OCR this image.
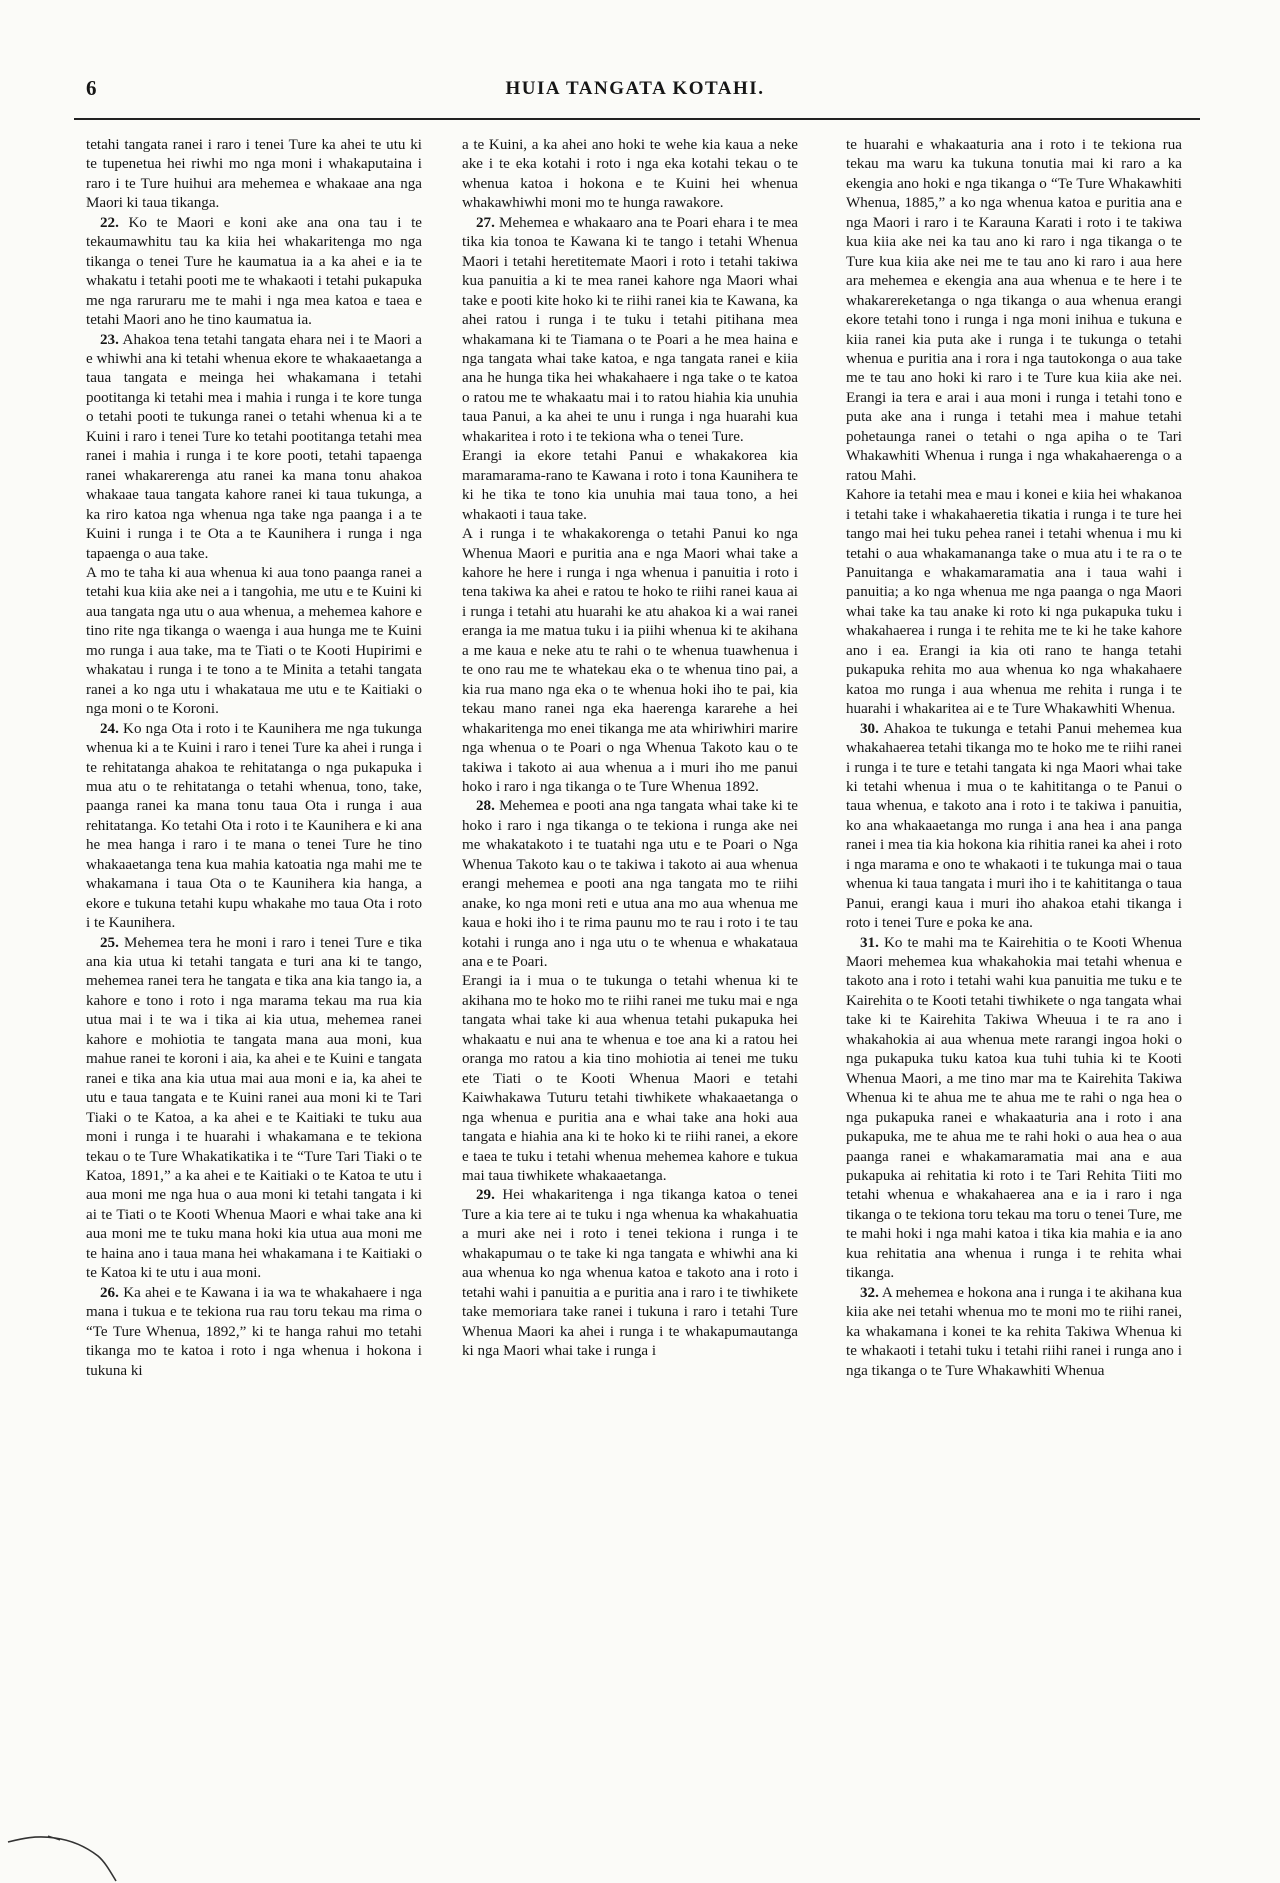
6	HUIA TANGATA KOTAHI.

tetahi tangata ranei i raro i tenei Ture ka ahei te utu ki te tupenetua hei riwhi mo nga moni i whakaputaina i raro i te Ture huihui ara mehemea e whakaae ana nga Maori ki taua tikanga.

22. Ko te Maori e koni ake ana ona tau i te tekaumawhitu tau ka kiia hei whakaritenga mo nga tikanga o tenei Ture he kaumatua ia a ka ahei e ia te whakatu i tetahi pooti me te whakaoti i tetahi pukapuka me nga raruraru me te mahi i nga mea katoa e taea e tetahi Maori ano he tino kaumatua ia.

23. Ahakoa tena tetahi tangata ehara nei i te Maori a e whiwhi ana ki tetahi whenua ekore te whakaaetanga a taua tangata e meinga hei whakamana i tetahi pootitanga ki tetahi mea i mahia i runga i te kore tunga o tetahi pooti te tukunga ranei o tetahi whenua ki a te Kuini i raro i tenei Ture ko tetahi pootitanga tetahi mea ranei i mahia i runga i te kore pooti, tetahi tapaenga ranei whakarerenga atu ranei ka mana tonu ahakoa whakaae taua tangata kahore ranei ki taua tukunga, a ka riro katoa nga whenua nga take nga paanga i a te Kuini i runga i te Ota a te Kaunihera i runga i nga tapaenga o aua take.

A mo te taha ki aua whenua ki aua tono paanga ranei a tetahi kua kiia ake nei a i tangohia, me utu e te Kuini ki aua tangata nga utu o aua whenua, a mehemea kahore e tino rite nga tikanga o waenga i aua hunga me te Kuini mo runga i aua take, ma te Tiati o te Kooti Hupirimi e whakatau i runga i te tono a te Minita a tetahi tangata ranei a ko nga utu i whakataua me utu e te Kaitiaki o nga moni o te Koroni.

24. Ko nga Ota i roto i te Kaunihera me nga tukunga whenua ki a te Kuini i raro i tenei Ture ka ahei i runga i te rehitatanga ahakoa te rehitatanga o nga pukapuka i mua atu o te rehitatanga o tetahi whenua, tono, take, paanga ranei ka mana tonu taua Ota i runga i aua rehitatanga. Ko tetahi Ota i roto i te Kaunihera e ki ana he mea hanga i raro i te mana o tenei Ture he tino whakaaetanga tena kua mahia katoatia nga mahi me te whakamana i taua Ota o te Kaunihera kia hanga, a ekore e tukuna tetahi kupu whakahe mo taua Ota i roto i te Kaunihera.

25. Mehemea tera he moni i raro i tenei Ture e tika ana kia utua ki tetahi tangata e turi ana ki te tango, mehemea ranei tera he tangata e tika ana kia tango ia, a kahore e tono i roto i nga marama tekau ma rua kia utua mai i te wa i tika ai kia utua, mehemea ranei kahore e mohiotia te tangata mana aua moni, kua mahue ranei te koroni i aia, ka ahei e te Kuini e tangata ranei e tika ana kia utua mai aua moni e ia, ka ahei te utu e taua tangata e te Kuini ranei aua moni ki te Tari Tiaki o te Katoa, a ka ahei e te Kaitiaki te tuku aua moni i runga i te huarahi i whakamana e te tekiona tekau o te Ture Whakatikatika i te “Ture Tari Tiaki o te Katoa, 1891,” a ka ahei e te Kaitiaki o te Katoa te utu i aua moni me nga hua o aua moni ki tetahi tangata i ki ai te Tiati o te Kooti Whenua Maori e whai take ana ki aua moni me te tuku mana hoki kia utua aua moni me te haina ano i taua mana hei whakamana i te Kaitiaki o te Katoa ki te utu i aua moni.

26. Ka ahei e te Kawana i ia wa te whakahaere i nga mana i tukua e te tekiona rua rau toru tekau ma rima o “Te Ture Whenua, 1892,” ki te hanga rahui mo tetahi tikanga mo te katoa i roto i nga whenua i hokona i tukuna ki

a te Kuini, a ka ahei ano hoki te wehe kia kaua a neke ake i te eka kotahi i roto i nga eka kotahi tekau o te whenua katoa i hokona e te Kuini hei whenua whakawhiwhi moni mo te hunga rawakore.

27. Mehemea e whakaaro ana te Poari ehara i te mea tika kia tonoa te Kawana ki te tango i tetahi Whenua Maori i tetahi heretitemate Maori i roto i tetahi takiwa kua panuitia a ki te mea ranei kahore nga Maori whai take e pooti kite hoko ki te riihi ranei kia te Kawana, ka ahei ratou i runga i te tuku i tetahi pitihana mea whakamana ki te Tiamana o te Poari a he mea haina e nga tangata whai take katoa, e nga tangata ranei e kiia ana he hunga tika hei whakahaere i nga take o te katoa o ratou me te whakaatu mai i to ratou hiahia kia unuhia taua Panui, a ka ahei te unu i runga i nga huarahi kua whakaritea i roto i te tekiona wha o tenei Ture.

Erangi ia ekore tetahi Panui e whakakorea kia maramarama-rano te Kawana i roto i tona Kaunihera te ki he tika te tono kia unuhia mai taua tono, a hei whakaoti i taua take.

A i runga i te whakakorenga o tetahi Panui ko nga Whenua Maori e puritia ana e nga Maori whai take a kahore he here i runga i nga whenua i panuitia i roto i tena takiwa ka ahei e ratou te hoko te riihi ranei kaua ai i runga i tetahi atu huarahi ke atu ahakoa ki a wai ranei eranga ia me matua tuku i ia piihi whenua ki te akihana a me kaua e neke atu te rahi o te whenua tuawhenua i te ono rau me te whatekau eka o te whenua tino pai, a kia rua mano nga eka o te whenua hoki iho te pai, kia tekau mano ranei nga eka haerenga kararehe a hei whakaritenga mo enei tikanga me ata whiriwhiri marire nga whenua o te Poari o nga Whenua Takoto kau o te takiwa i takoto ai aua whenua a i muri iho me panui hoko i raro i nga tikanga o te Ture Whenua 1892.

28. Mehemea e pooti ana nga tangata whai take ki te hoko i raro i nga tikanga o te tekiona i runga ake nei me whakatakoto i te tuatahi nga utu e te Poari o Nga Whenua Takoto kau o te takiwa i takoto ai aua whenua erangi mehemea e pooti ana nga tangata mo te riihi anake, ko nga moni reti e utua ana mo aua whenua me kaua e hoki iho i te rima paunu mo te rau i roto i te tau kotahi i runga ano i nga utu o te whenua e whakataua ana e te Poari.

Erangi ia i mua o te tukunga o tetahi whenua ki te akihana mo te hoko mo te riihi ranei me tuku mai e nga tangata whai take ki aua whenua tetahi pukapuka hei whakaatu e nui ana te whenua e toe ana ki a ratou hei oranga mo ratou a kia tino mohiotia ai tenei me tuku ete Tiati o te Kooti Whenua Maori e tetahi Kaiwhakawa Tuturu tetahi tiwhikete whakaaetanga o nga whenua e puritia ana e whai take ana hoki aua tangata e hiahia ana ki te hoko ki te riihi ranei, a ekore e taea te tuku i tetahi whenua mehemea kahore e tukua mai taua tiwhikete whakaaetanga.

29. Hei whakaritenga i nga tikanga katoa o tenei Ture a kia tere ai te tuku i nga whenua ka whakahuatia a muri ake nei i roto i tenei tekiona i runga i te whakapumau o te take ki nga tangata e whiwhi ana ki aua whenua ko nga whenua katoa e takoto ana i roto i tetahi wahi i panuitia a e puritia ana i raro i te tiwhikete take memoriara take ranei i tukuna i raro i tetahi Ture Whenua Maori ka ahei i runga i te whakapumautanga ki nga Maori whai take i runga i

te huarahi e whakaaturia ana i roto i te tekiona rua tekau ma waru ka tukuna tonutia mai ki raro a ka ekengia ano hoki e nga tikanga o “Te Ture Whakawhiti Whenua, 1885,” a ko nga whenua katoa e puritia ana e nga Maori i raro i te Karauna Karati i roto i te takiwa kua kiia ake nei ka tau ano ki raro i nga tikanga o te Ture kua kiia ake nei me te tau ano ki raro i aua here ara mehemea e ekengia ana aua whenua e te here i te whakarereketanga o nga tikanga o aua whenua erangi ekore tetahi tono i runga i nga moni inihua e tukuna e kiia ranei kia puta ake i runga i te tukunga o tetahi whenua e puritia ana i rora i nga tautokonga o aua take me te tau ano hoki ki raro i te Ture kua kiia ake nei. Erangi ia tera e arai i aua moni i runga i tetahi tono e puta ake ana i runga i tetahi mea i mahue tetahi pohetaunga ranei o tetahi o nga apiha o te Tari Whakawhiti Whenua i runga i nga whakahaerenga o a ratou Mahi.

Kahore ia tetahi mea e mau i konei e kiia hei whakanoa i tetahi take i whakahaeretia tikatia i runga i te ture hei tango mai hei tuku pehea ranei i tetahi whenua i mu ki tetahi o aua whakamananga take o mua atu i te ra o te Panuitanga e whakamaramatia ana i taua wahi i panuitia; a ko nga whenua me nga paanga o nga Maori whai take ka tau anake ki roto ki nga pukapuka tuku i whakahaerea i runga i te rehita me te ki he take kahore ano i ea. Erangi ia kia oti rano te hanga tetahi pukapuka rehita mo aua whenua ko nga whakahaere katoa mo runga i aua whenua me rehita i runga i te huarahi i whakaritea ai e te Ture Whakawhiti Whenua.

30. Ahakoa te tukunga e tetahi Panui mehemea kua whakahaerea tetahi tikanga mo te hoko me te riihi ranei i runga i te ture e tetahi tangata ki nga Maori whai take ki tetahi whenua i mua o te kahititanga o te Panui o taua whenua, e takoto ana i roto i te takiwa i panuitia, ko ana whakaaetanga mo runga i ana hea i ana panga ranei i mea tia kia hokona kia rihitia ranei ka ahei i roto i nga marama e ono te whakaoti i te tukunga mai o taua whenua ki taua tangata i muri iho i te kahititanga o taua Panui, erangi kaua i muri iho ahakoa etahi tikanga i roto i tenei Ture e poka ke ana.

31. Ko te mahi ma te Kairehitia o te Kooti Whenua Maori mehemea kua whakahokia mai tetahi whenua e takoto ana i roto i tetahi wahi kua panuitia me tuku e te Kairehita o te Kooti tetahi tiwhikete o nga tangata whai take ki te Kairehita Takiwa Wheuua i te ra ano i whakahokia ai aua whenua mete rarangi ingoa hoki o nga pukapuka tuku katoa kua tuhi tuhia ki te Kooti Whenua Maori, a me tino mar ma te Kairehita Takiwa Whenua ki te ahua me te ahua me te rahi o nga hea o nga pukapuka ranei e whakaaturia ana i roto i ana pukapuka, me te ahua me te rahi hoki o aua hea o aua paanga ranei e whakamaramatia mai ana e aua pukapuka ai rehitatia ki roto i te Tari Rehita Tiiti mo tetahi whenua e whakahaerea ana e ia i raro i nga tikanga o te tekiona toru tekau ma toru o tenei Ture, me te mahi hoki i nga mahi katoa i tika kia mahia e ia ano kua rehitatia ana whenua i runga i te rehita whai tikanga.

32. A mehemea e hokona ana i runga i te akihana kua kiia ake nei tetahi whenua mo te moni mo te riihi ranei, ka whakamana i konei te ka rehita Takiwa Whenua ki te whakaoti i tetahi tuku i tetahi riihi ranei i runga ano i nga tikanga o te Ture Whakawhiti Whenua
